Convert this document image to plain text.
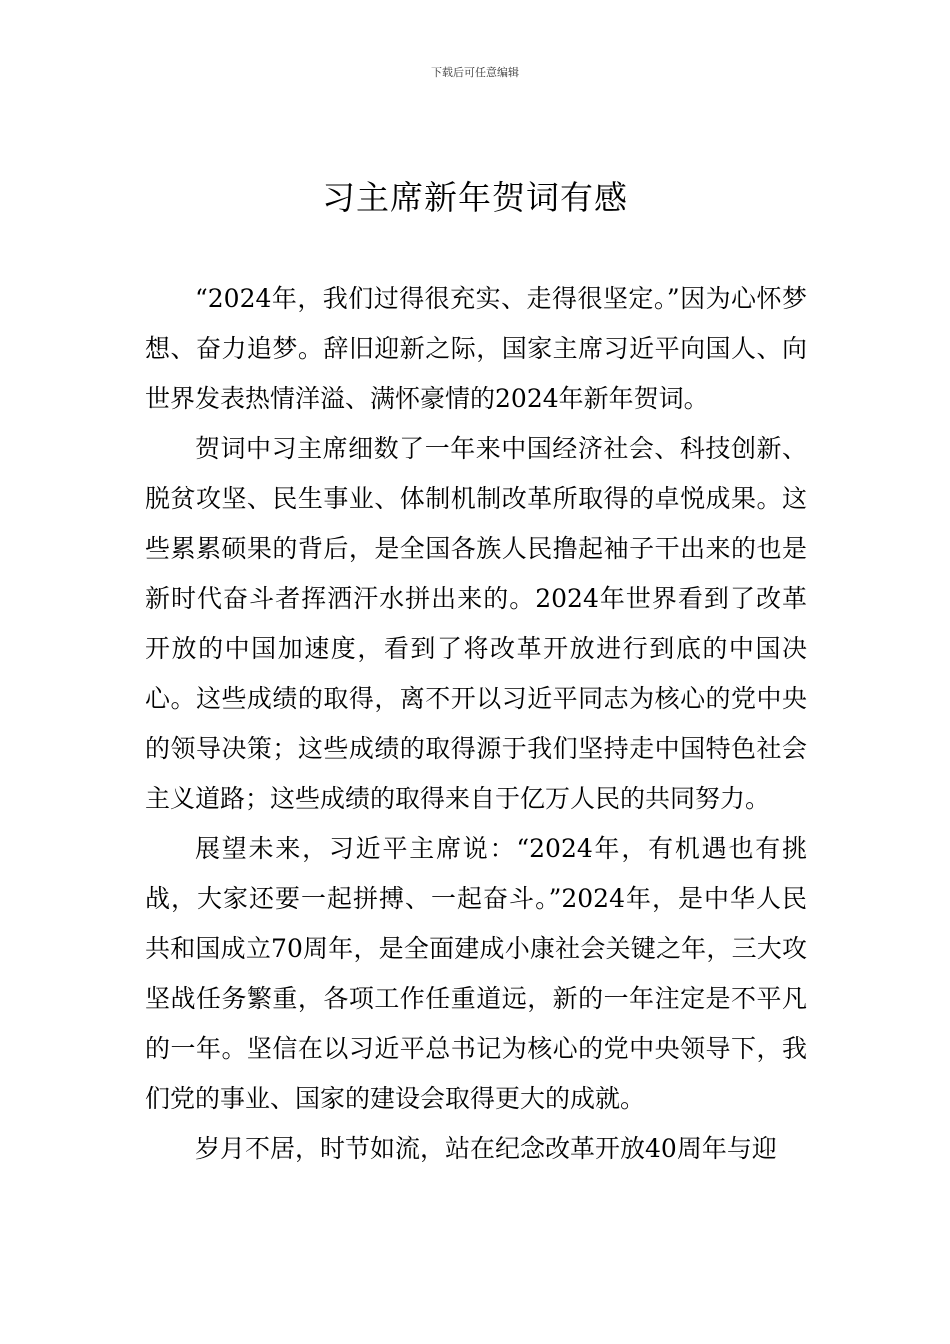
下载后可任意编辑
习主席新年贺词有感

“2024年，我们过得很充实、走得很坚定。”因为心怀梦想、奋力追梦。辞旧迎新之际，国家主席习近平向国人、向世界发表热情洋溢、满怀豪情的2024年新年贺词。

贺词中习主席细数了一年来中国经济社会、科技创新、脱贫攻坚、民生事业、体制机制改革所取得的卓悦成果。这些累累硕果的背后，是全国各族人民撸起袖子干出来的也是新时代奋斗者挥洒汗水拼出来的。2024年世界看到了改革开放的中国加速度，看到了将改革开放进行到底的中国决心。这些成绩的取得，离不开以习近平同志为核心的党中央的领导决策；这些成绩的取得源于我们坚持走中国特色社会主义道路；这些成绩的取得来自于亿万人民的共同努力。

展望未来，习近平主席说：“2024年，有机遇也有挑战，大家还要一起拼搏、一起奋斗。”2024年，是中华人民共和国成立70周年，是全面建成小康社会关键之年，三大攻坚战任务繁重，各项工作任重道远，新的一年注定是不平凡的一年。坚信在以习近平总书记为核心的党中央领导下，我们党的事业、国家的建设会取得更大的成就。

岁月不居，时节如流，站在纪念改革开放40周年与迎
